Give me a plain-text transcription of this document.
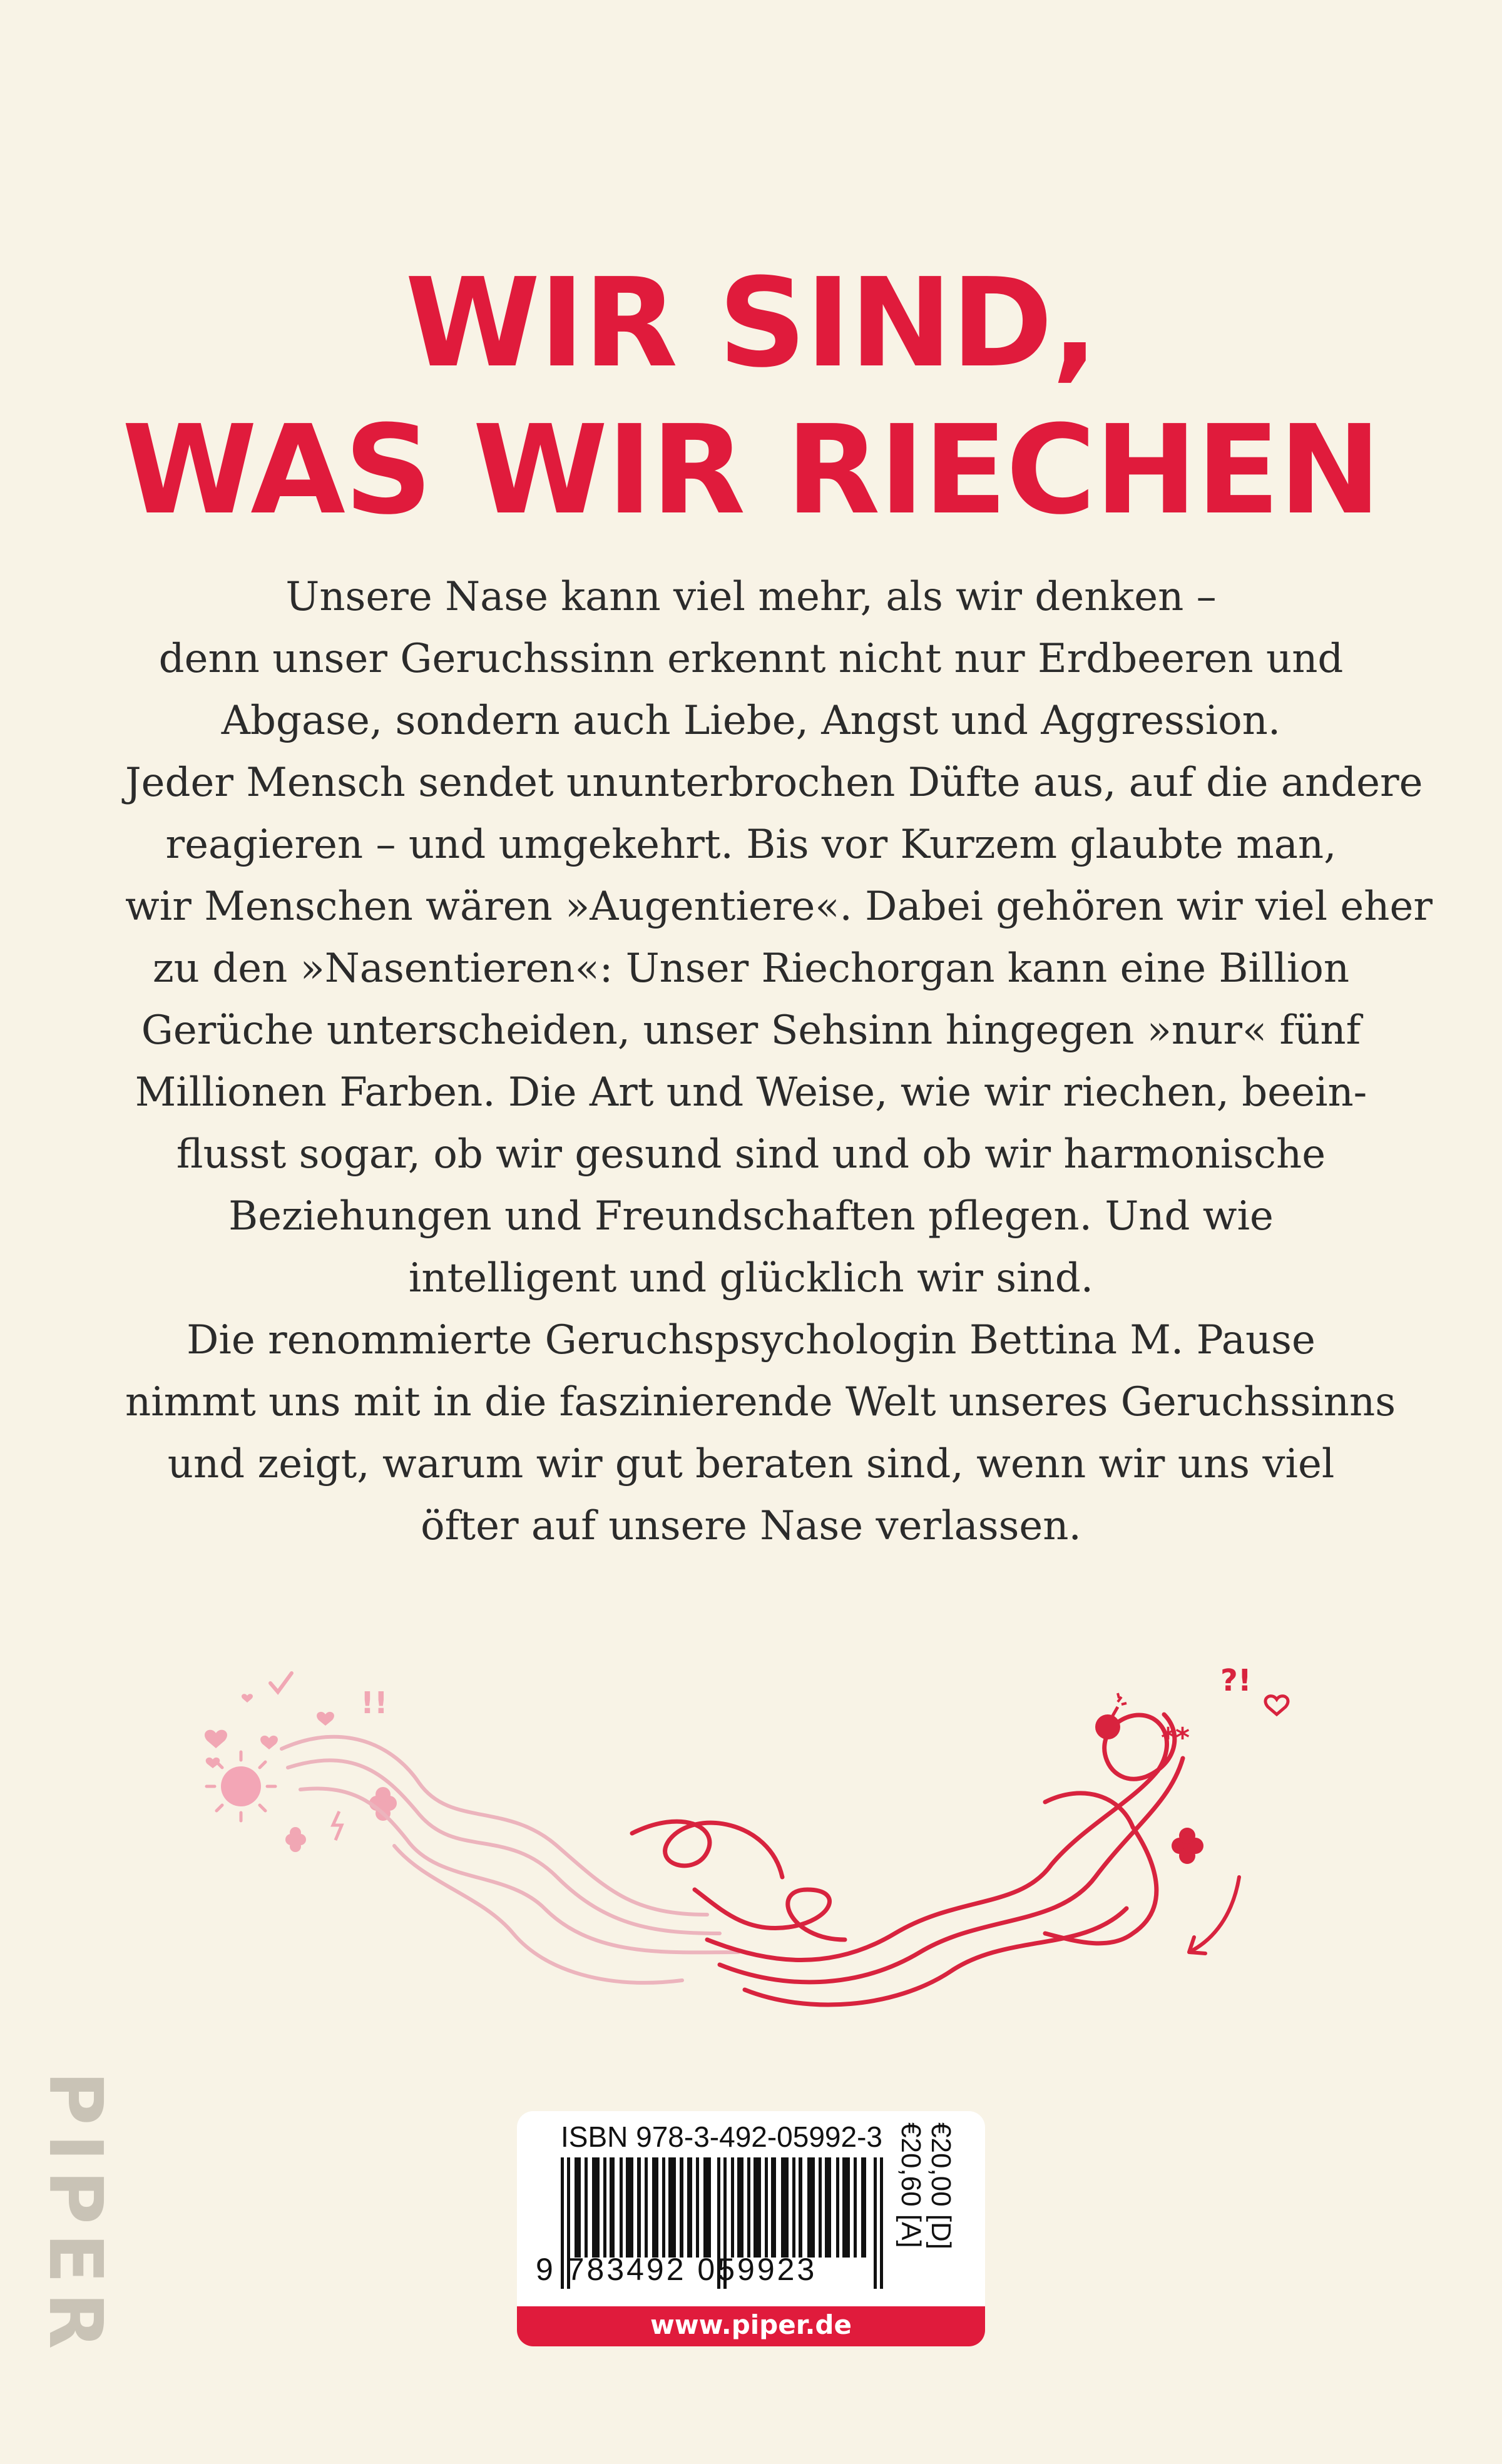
WIR SIND,
WAS WIR RIECHEN
Unsere Nase kann viel mehr, als wir denken –
denn unser Geruchssinn erkennt nicht nur Erdbeeren und
Abgase, sondern auch Liebe, Angst und Aggression.
Jeder Mensch sendet ununterbrochen Düfte aus, auf die andere
reagieren – und umgekehrt. Bis vor Kurzem glaubte man,
wir Menschen wären »Augentiere«. Dabei gehören wir viel eher
zu den »Nasentieren«: Unser Riechorgan kann eine Billion
Gerüche unterscheiden, unser Sehsinn hingegen »nur« fünf
Millionen Farben. Die Art und Weise, wie wir riechen, beein-
flusst sogar, ob wir gesund sind und ob wir harmonische
Beziehungen und Freundschaften pflegen. Und wie
intelligent und glücklich wir sind.
Die renommierte Geruchspsychologin Bettina M. Pause
nimmt uns mit in die faszinierende Welt unseres Geruchssinns
und zeigt, warum wir gut beraten sind, wenn wir uns viel
öfter auf unsere Nase verlassen.
!!
**
?!
PIPER	ISBN 978-3-492-05992-3
9 783492 059923
€20,00 [D]
€20,60 [A]
www.piper.de
